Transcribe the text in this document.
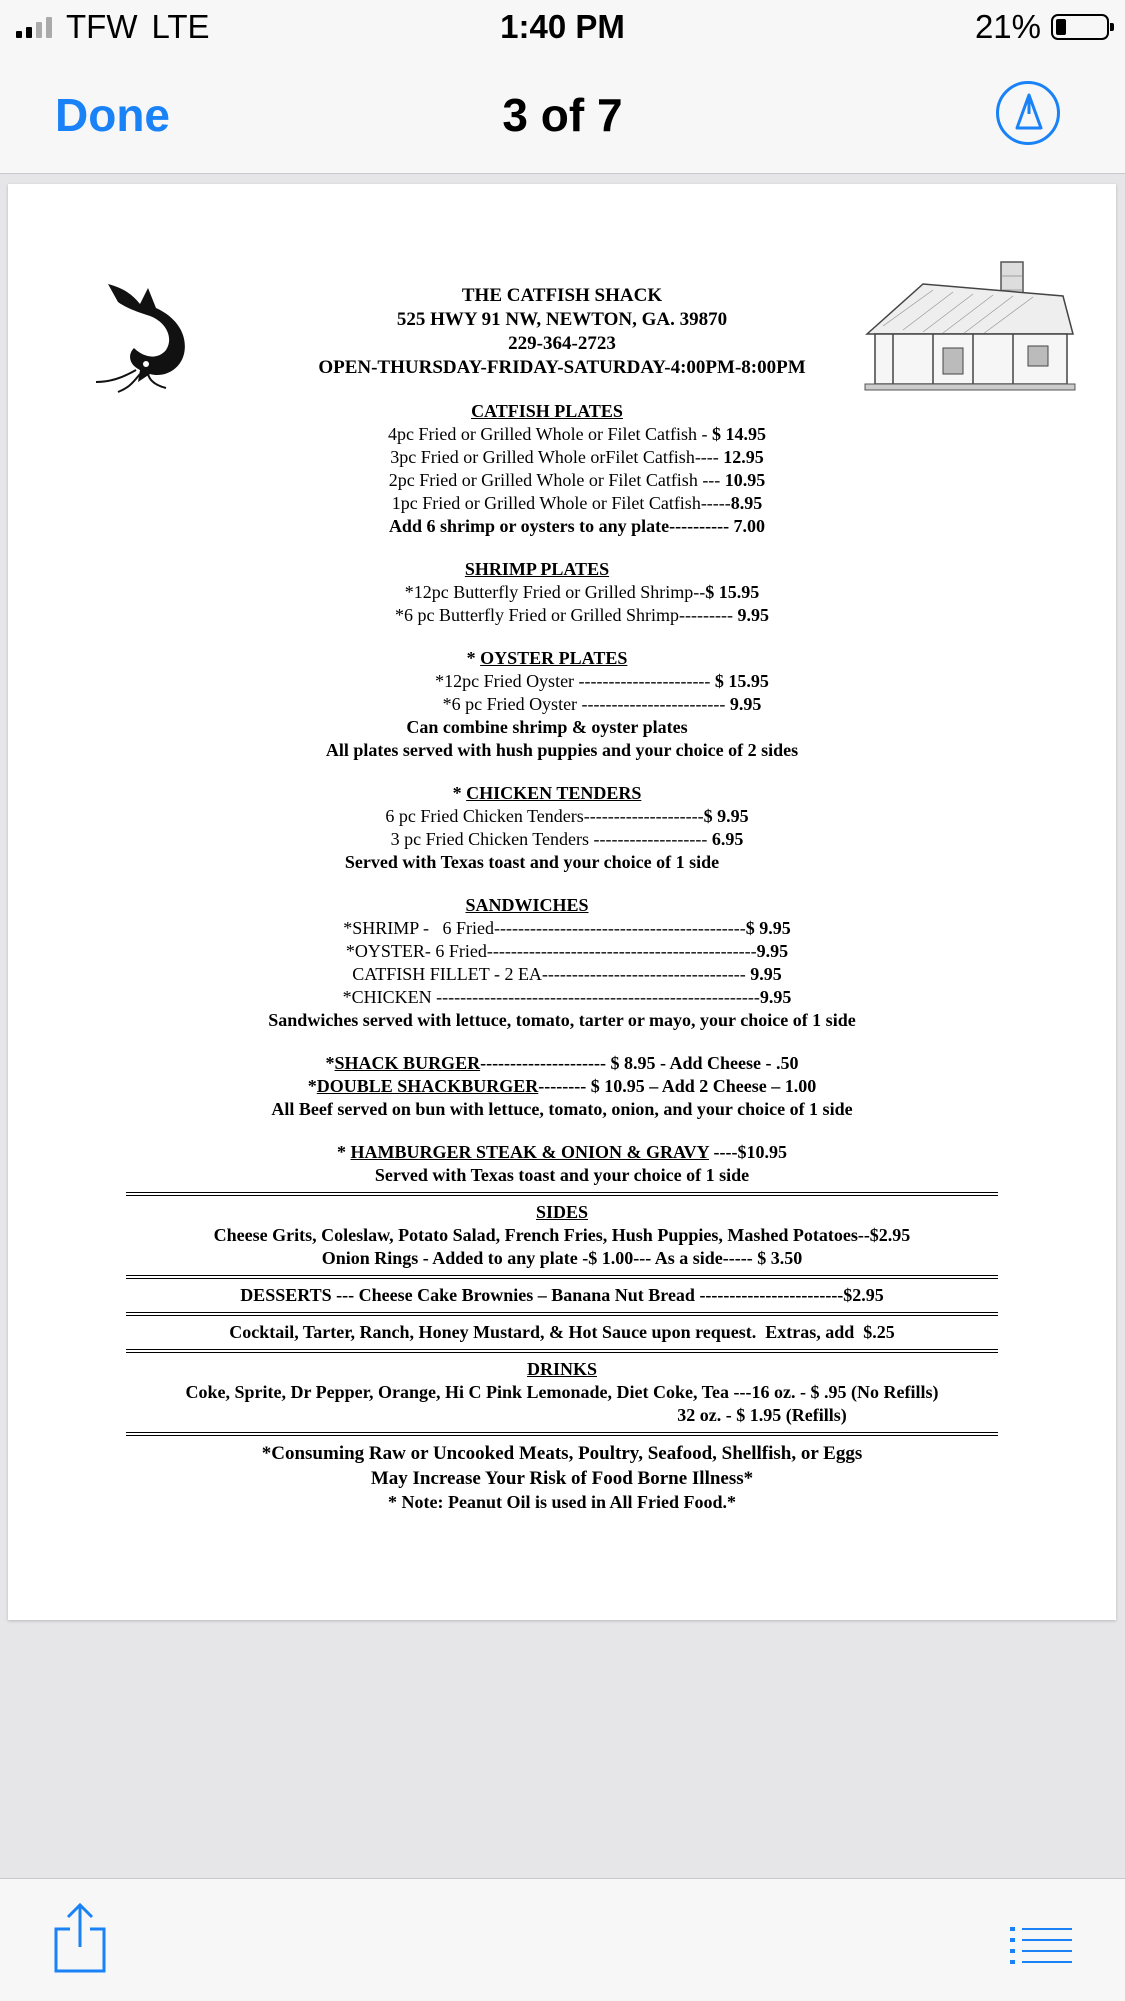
TFW LTE	1:40 PM	21%
Done	3 of 7
THE CATFISH SHACK
525 HWY 91 NW, NEWTON, GA. 39870
229-364-2723
OPEN-THURSDAY-FRIDAY-SATURDAY-4:00PM-8:00PM
CATFISH PLATES
4pc Fried or Grilled Whole or Filet Catfish - $ 14.95
3pc Fried or Grilled Whole orFilet Catfish---- 12.95
2pc Fried or Grilled Whole or Filet Catfish --- 10.95
1pc Fried or Grilled Whole or Filet Catfish-----8.95
Add 6 shrimp or oysters to any plate---------- 7.00
SHRIMP PLATES
*12pc Butterfly Fried or Grilled Shrimp--$ 15.95
*6 pc Butterfly Fried or Grilled Shrimp--------- 9.95
* OYSTER PLATES
*12pc Fried Oyster ---------------------- $ 15.95
*6 pc Fried Oyster ------------------------ 9.95
Can combine shrimp & oyster plates
All plates served with hush puppies and your choice of 2 sides
* CHICKEN TENDERS
6 pc Fried Chicken Tenders--------------------$ 9.95
3 pc Fried Chicken Tenders ------------------- 6.95
Served with Texas toast and your choice of 1 side
SANDWICHES
*SHRIMP -   6 Fried------------------------------------------$ 9.95
*OYSTER- 6 Fried---------------------------------------------9.95
CATFISH FILLET - 2 EA---------------------------------- 9.95
*CHICKEN ------------------------------------------------------9.95
Sandwiches served with lettuce, tomato, tarter or mayo, your choice of 1 side
*SHACK BURGER--------------------- $ 8.95 - Add Cheese - .50
*DOUBLE SHACKBURGER-------- $ 10.95 – Add 2 Cheese – 1.00
All Beef served on bun with lettuce, tomato, onion, and your choice of 1 side
* HAMBURGER STEAK & ONION & GRAVY ----$10.95
Served with Texas toast and your choice of 1 side
SIDES
Cheese Grits, Coleslaw, Potato Salad, French Fries, Hush Puppies, Mashed Potatoes--$2.95
Onion Rings - Added to any plate -$ 1.00--- As a side----- $ 3.50
DESSERTS --- Cheese Cake Brownies – Banana Nut Bread ------------------------$2.95
Cocktail, Tarter, Ranch, Honey Mustard, & Hot Sauce upon request.  Extras, add  $.25
DRINKS
Coke, Sprite, Dr Pepper, Orange, Hi C Pink Lemonade, Diet Coke, Tea ---16 oz. - $ .95 (No Refills)
32 oz. - $ 1.95 (Refills)
*Consuming Raw or Uncooked Meats, Poultry, Seafood, Shellfish, or Eggs
May Increase Your Risk of Food Borne Illness*
* Note: Peanut Oil is used in All Fried Food.*
